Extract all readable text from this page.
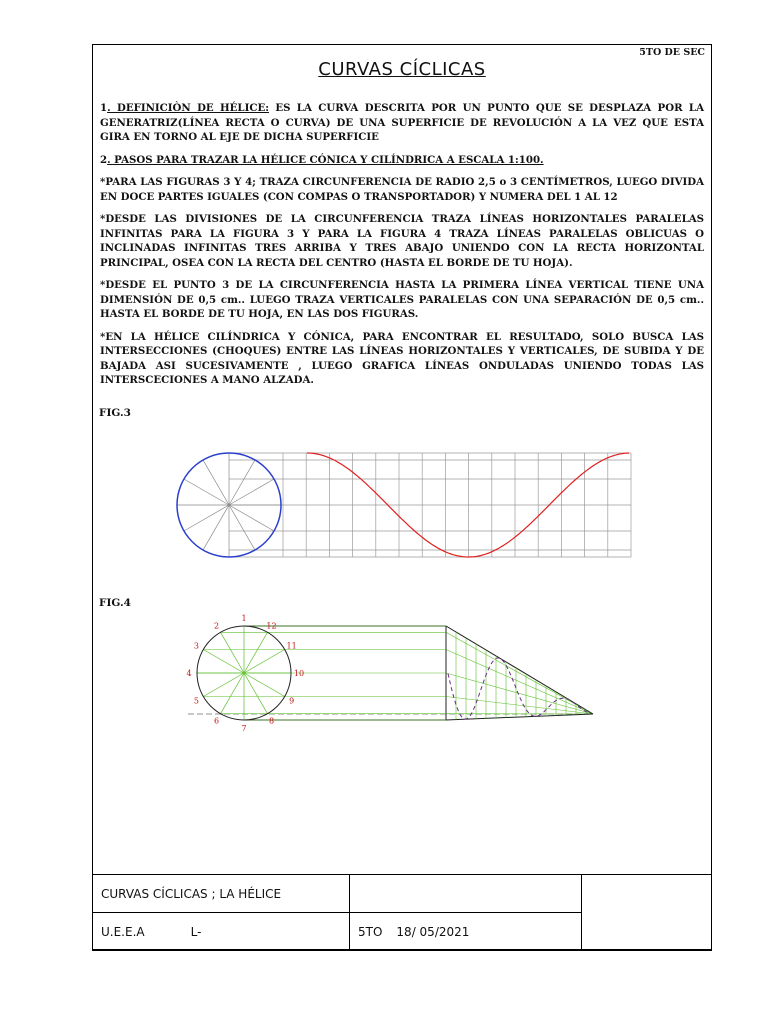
5TO DE SEC
CURVAS CÍCLICAS

1. DEFINICIÒN DE HÉLICE: ES LA CURVA DESCRITA POR UN PUNTO QUE SE DESPLAZA POR LA GENERATRIZ(LÍNEA RECTA O CURVA) DE UNA SUPERFICIE DE REVOLUCIÓN A LA VEZ QUE ESTA GIRA EN TORNO AL EJE DE DICHA SUPERFICIE

2. PASOS PARA TRAZAR LA HÉLICE CÓNICA Y CILÍNDRICA A ESCALA 1:100.

*PARA LAS FIGURAS 3 Y 4; TRAZA CIRCUNFERENCIA DE RADIO 2,5 o 3 CENTÍMETROS, LUEGO DIVIDA EN DOCE PARTES IGUALES (CON COMPAS O TRANSPORTADOR) Y NUMERA DEL 1 AL 12

*DESDE LAS DIVISIONES DE LA CIRCUNFERENCIA TRAZA LÍNEAS HORIZONTALES PARALELAS INFINITAS PARA LA FIGURA 3 Y PARA LA FIGURA 4 TRAZA LÍNEAS PARALELAS OBLICUAS O INCLINADAS INFINITAS TRES ARRIBA Y TRES ABAJO UNIENDO CON LA RECTA HORIZONTAL PRINCIPAL, OSEA CON LA RECTA DEL CENTRO (HASTA EL BORDE DE TU HOJA).

*DESDE EL PUNTO 3 DE LA CIRCUNFERENCIA HASTA LA PRIMERA LÍNEA VERTICAL TIENE UNA DIMENSIÓN DE 0,5 cm.. LUEGO TRAZA VERTICALES PARALELAS CON UNA SEPARACIÓN DE 0,5 cm.. HASTA EL BORDE DE TU HOJA, EN LAS DOS FIGURAS.

*EN LA HÉLICE CILÍNDRICA Y CÓNICA, PARA ENCONTRAR EL RESULTADO, SOLO BUSCA LAS INTERSECCIONES (CHOQUES) ENTRE LAS LÍNEAS HORIZONTALES Y VERTICALES, DE SUBIDA Y DE BAJADA ASI SUCESIVAMENTE , LUEGO GRAFICA LÍNEAS ONDULADAS UNIENDO TODAS LAS INTERSCECIONES A MANO ALZADA.

FIG.3
FIG.4
1
2
3
4
5
6
7
8
9
10
11
12
CURVAS CÍCLICAS ; LA HÉLICE		
U.E.E.A L-	5TO 18/ 05/2021	
